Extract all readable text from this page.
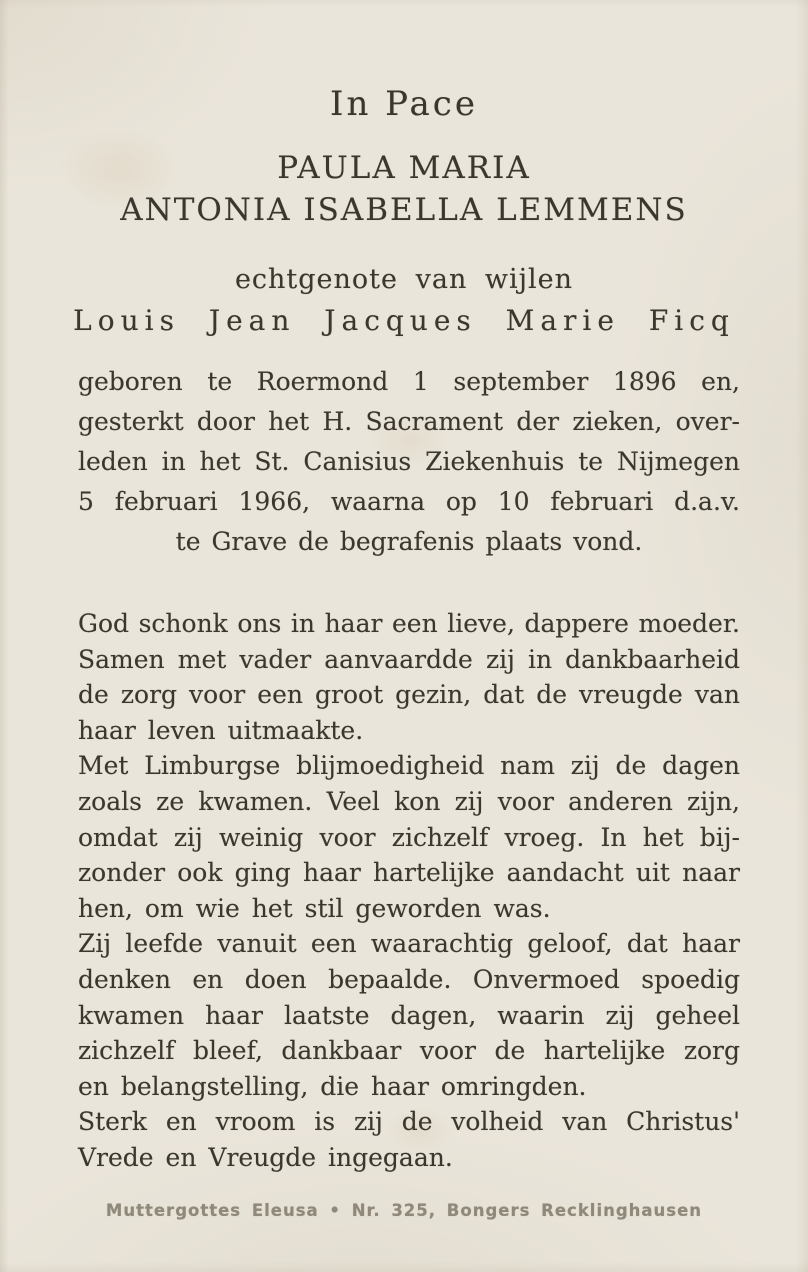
In Pace
PAULA MARIA
ANTONIA ISABELLA LEMMENS
echtgenote van wijlen
Louis Jean Jacques Marie Ficq
geboren te Roermond 1 september 1896 en,
gesterkt door het H. Sacrament der zieken, over-
leden in het St. Canisius Ziekenhuis te Nijmegen
5 februari 1966, waarna op 10 februari d.a.v.
te Grave de begrafenis plaats vond.
God schonk ons in haar een lieve, dappere moeder.
Samen met vader aanvaardde zij in dankbaarheid
de zorg voor een groot gezin, dat de vreugde van
haar leven uitmaakte.
Met Limburgse blijmoedigheid nam zij de dagen
zoals ze kwamen. Veel kon zij voor anderen zijn,
omdat zij weinig voor zichzelf vroeg. In het bij-
zonder ook ging haar hartelijke aandacht uit naar
hen, om wie het stil geworden was.
Zij leefde vanuit een waarachtig geloof, dat haar
denken en doen bepaalde. Onvermoed spoedig
kwamen haar laatste dagen, waarin zij geheel
zichzelf bleef, dankbaar voor de hartelijke zorg
en belangstelling, die haar omringden.
Sterk en vroom is zij de volheid van Christus'
Vrede en Vreugde ingegaan.
Muttergottes Eleusa • Nr. 325, Bongers Recklinghausen
